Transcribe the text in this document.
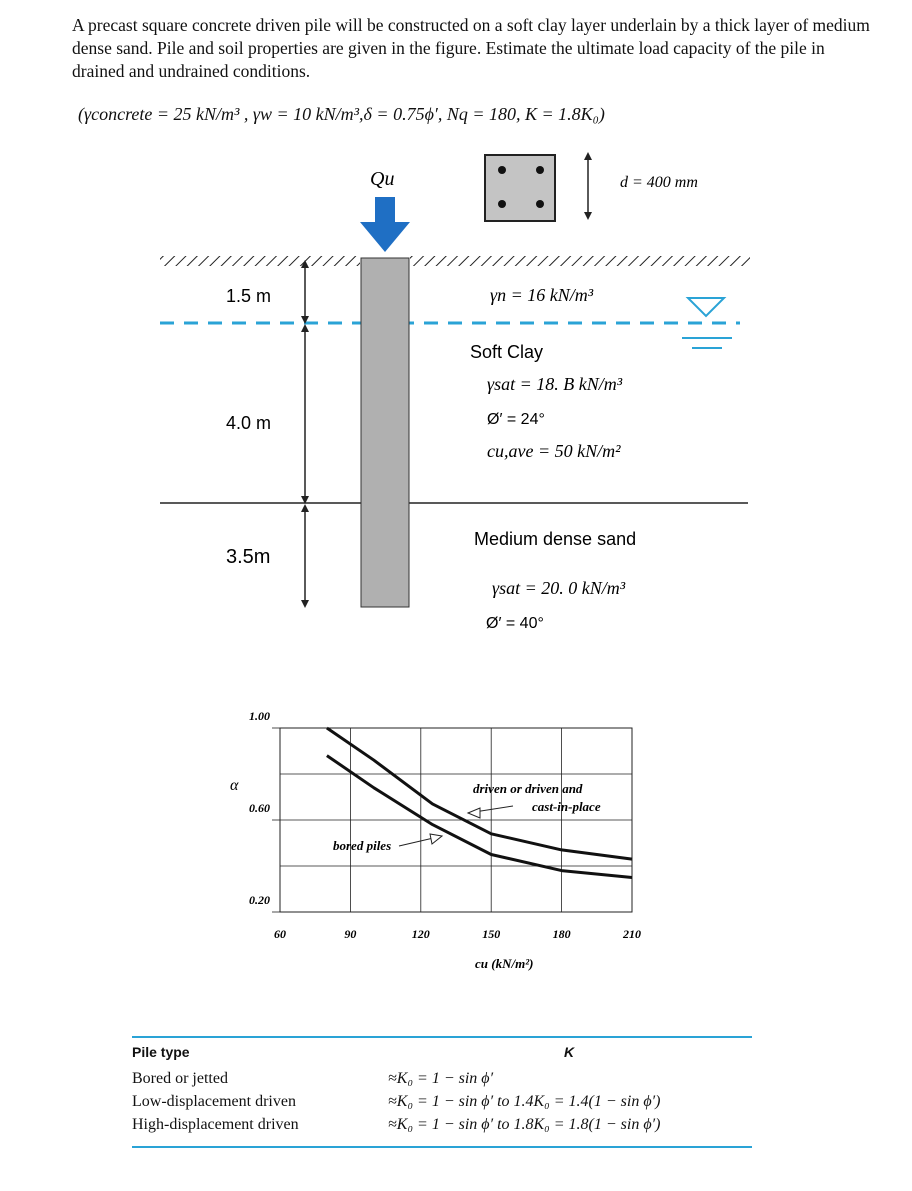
A precast square concrete driven pile will be constructed on a soft clay layer underlain by a thick layer of medium dense sand. Pile and soil properties are given in the figure. Estimate the ultimate load capacity of the pile in drained and undrained conditions.
(γconcrete = 25 kN/m³ , γw = 10 kN/m³,δ = 0.75ϕ′, Nq = 180, K = 1.8K₀)
Qu	d = 400 mm
1.5 m
4.0 m
3.5m
γn = 16 kN/m³
Soft Clay
γsat = 18. B kN/m³
Ø′ = 24°
cu,ave = 50 kN/m²
Medium dense sand
γsat = 20. 0 kN/m³
Ø′ = 40°
60	90	120	150	180	210
1.00
0.60
0.20
α
cu (kN/m²)
driven or driven and
cast-in-place
bored piles
Pile type	K
Bored or jetted	≈K₀ = 1 − sin ϕ′
Low-displacement driven	≈K₀ = 1 − sin ϕ′ to 1.4K₀ = 1.4(1 − sin ϕ′)
High-displacement driven	≈K₀ = 1 − sin ϕ′ to 1.8K₀ = 1.8(1 − sin ϕ′)
